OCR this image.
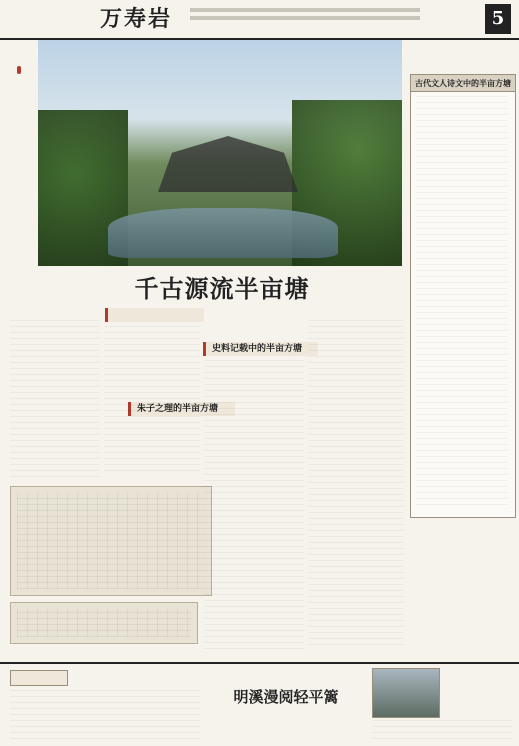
万寿岩	5
古代文人诗文中的半亩方塘
千古源流半亩塘
朱子之理的半亩方塘
史料记载中的半亩方塘
明溪漫阅轻平篱
